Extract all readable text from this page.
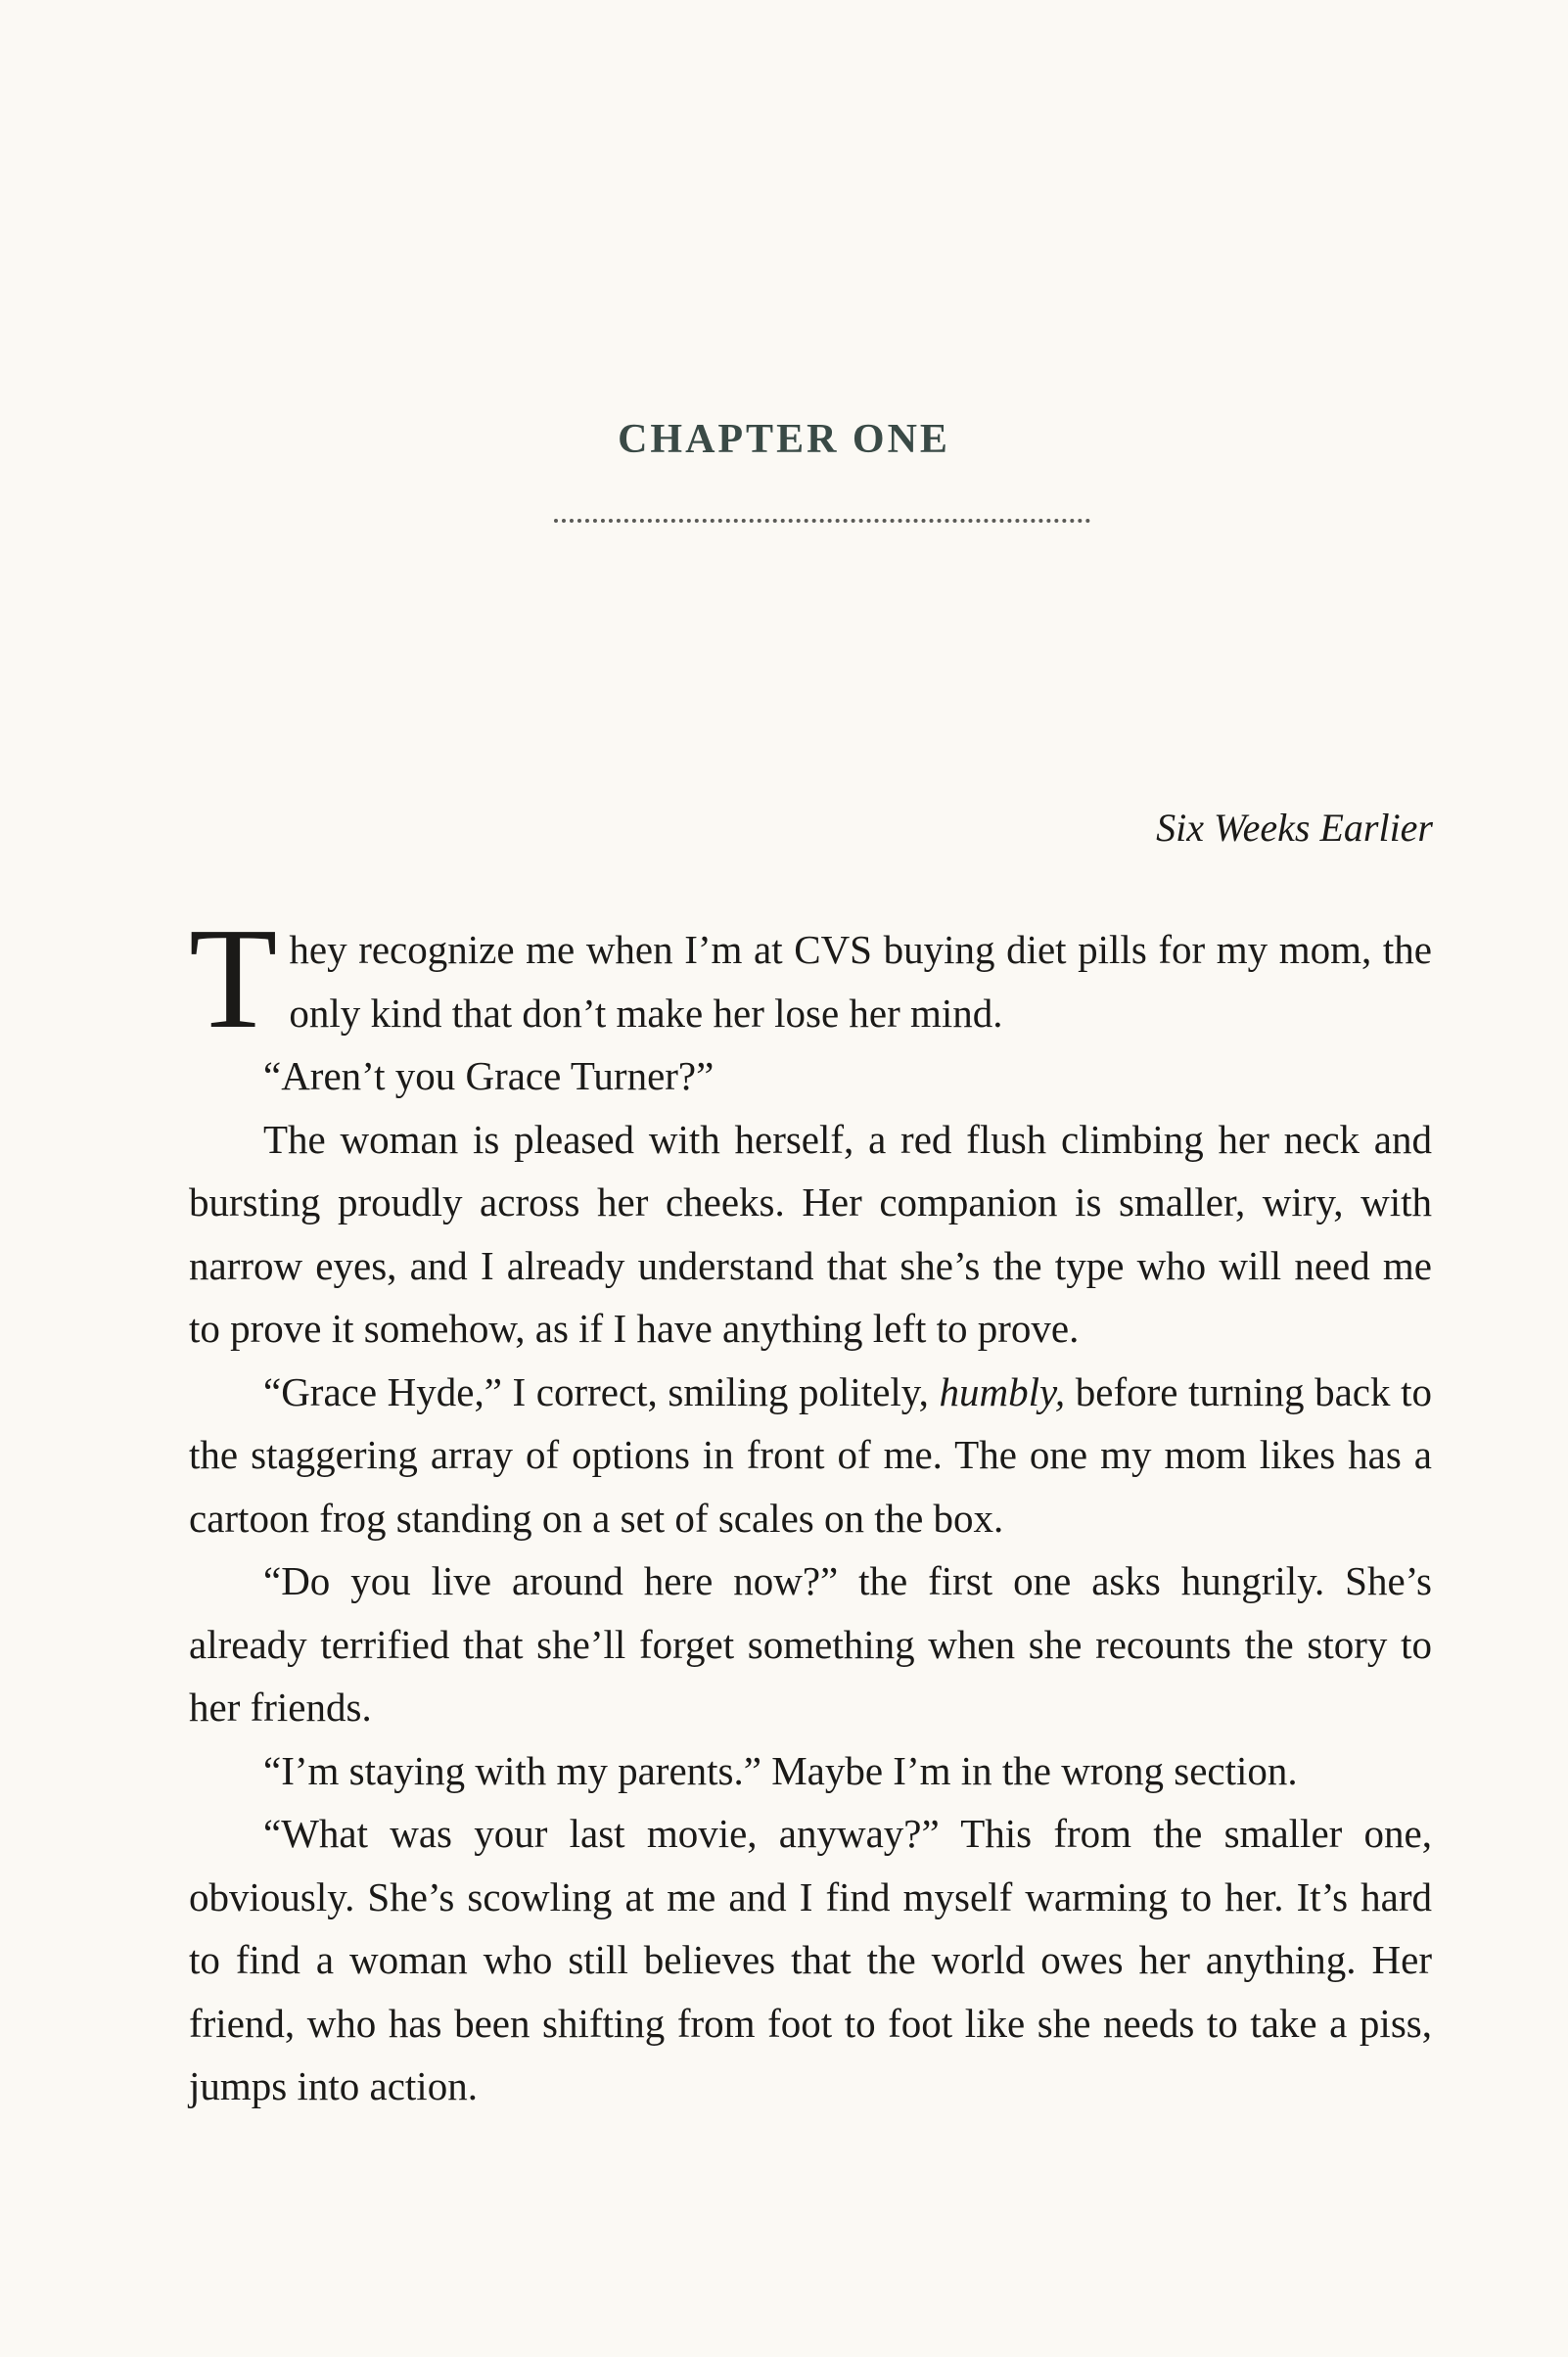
CHAPTER ONE
Six Weeks Earlier

They recognize me when I’m at CVS buying diet pills for my mom, the only kind that don’t make her lose her mind.

“Aren’t you Grace Turner?”

The woman is pleased with herself, a red flush climbing her neck and bursting proudly across her cheeks. Her companion is smaller, wiry, with narrow eyes, and I already understand that she’s the type who will need me to prove it somehow, as if I have anything left to prove.

“Grace Hyde,” I correct, smiling politely, humbly, before turning back to the staggering array of options in front of me. The one my mom likes has a cartoon frog standing on a set of scales on the box.

“Do you live around here now?” the first one asks hungrily. She’s already terrified that she’ll forget something when she recounts the story to her friends.

“I’m staying with my parents.” Maybe I’m in the wrong section.

“What was your last movie, anyway?” This from the smaller one, obviously. She’s scowling at me and I find myself warming to her. It’s hard to find a woman who still believes that the world owes her anything. Her friend, who has been shifting from foot to foot like she needs to take a piss, jumps into action.
